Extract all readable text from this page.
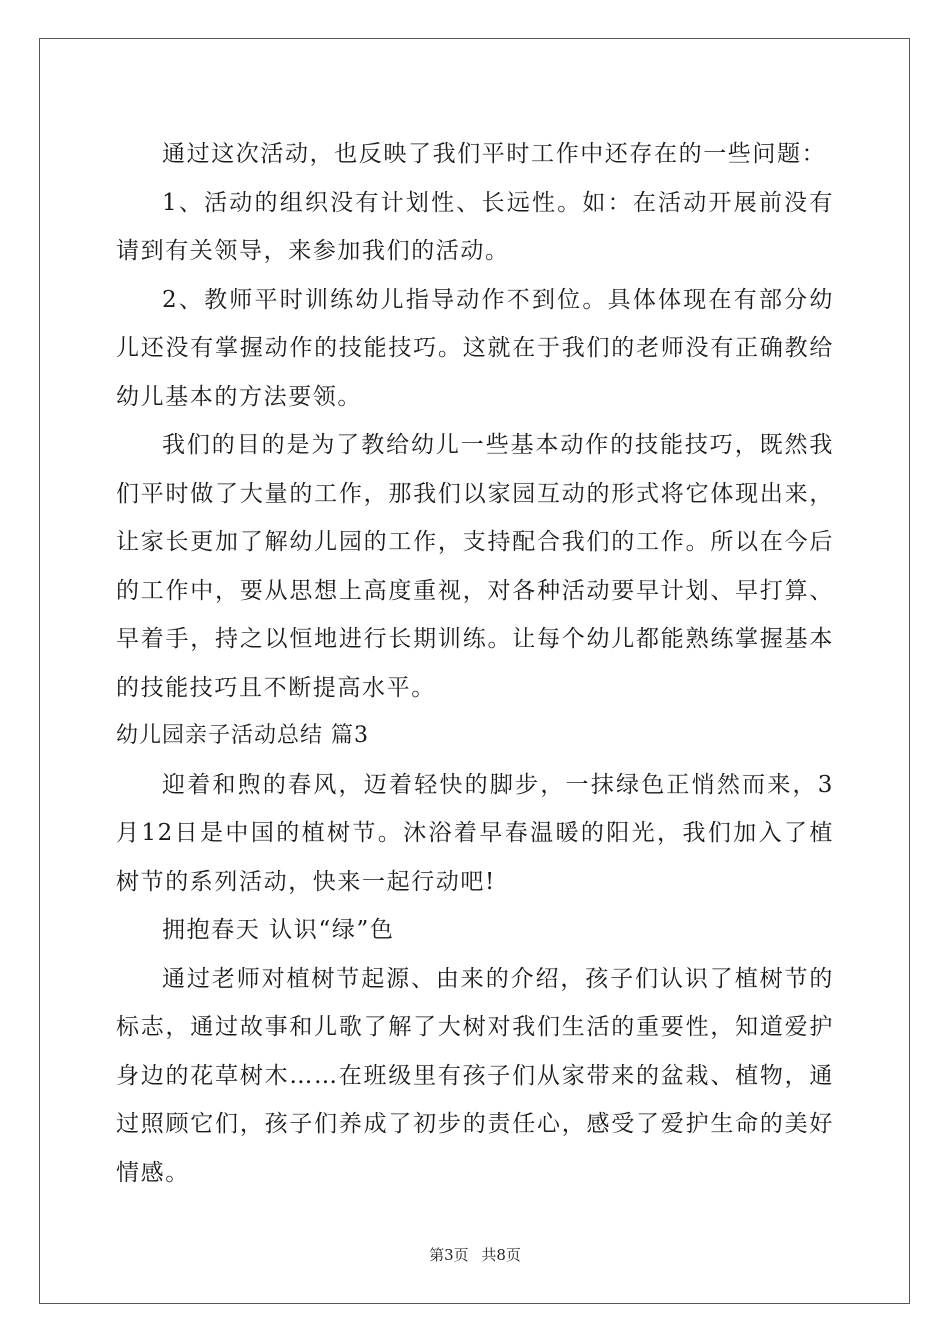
通过这次活动，也反映了我们平时工作中还存在的一些问题：

1、活动的组织没有计划性、长远性。如：在活动开展前没有请到有关领导，来参加我们的活动。

2、教师平时训练幼儿指导动作不到位。具体体现在有部分幼儿还没有掌握动作的技能技巧。这就在于我们的老师没有正确教给幼儿基本的方法要领。

我们的目的是为了教给幼儿一些基本动作的技能技巧，既然我们平时做了大量的工作，那我们以家园互动的形式将它体现出来，让家长更加了解幼儿园的工作，支持配合我们的工作。所以在今后的工作中，要从思想上高度重视，对各种活动要早计划、早打算、早着手，持之以恒地进行长期训练。让每个幼儿都能熟练掌握基本的技能技巧且不断提高水平。

幼儿园亲子活动总结 篇3

迎着和煦的春风，迈着轻快的脚步，一抹绿色正悄然而来，3月12日是中国的植树节。沐浴着早春温暖的阳光，我们加入了植树节的系列活动，快来一起行动吧!

拥抱春天 认识“绿”色

通过老师对植树节起源、由来的介绍，孩子们认识了植树节的标志，通过故事和儿歌了解了大树对我们生活的重要性，知道爱护身边的花草树木……在班级里有孩子们从家带来的盆栽、植物，通过照顾它们，孩子们养成了初步的责任心，感受了爱护生命的美好情感。

第3页 共8页
